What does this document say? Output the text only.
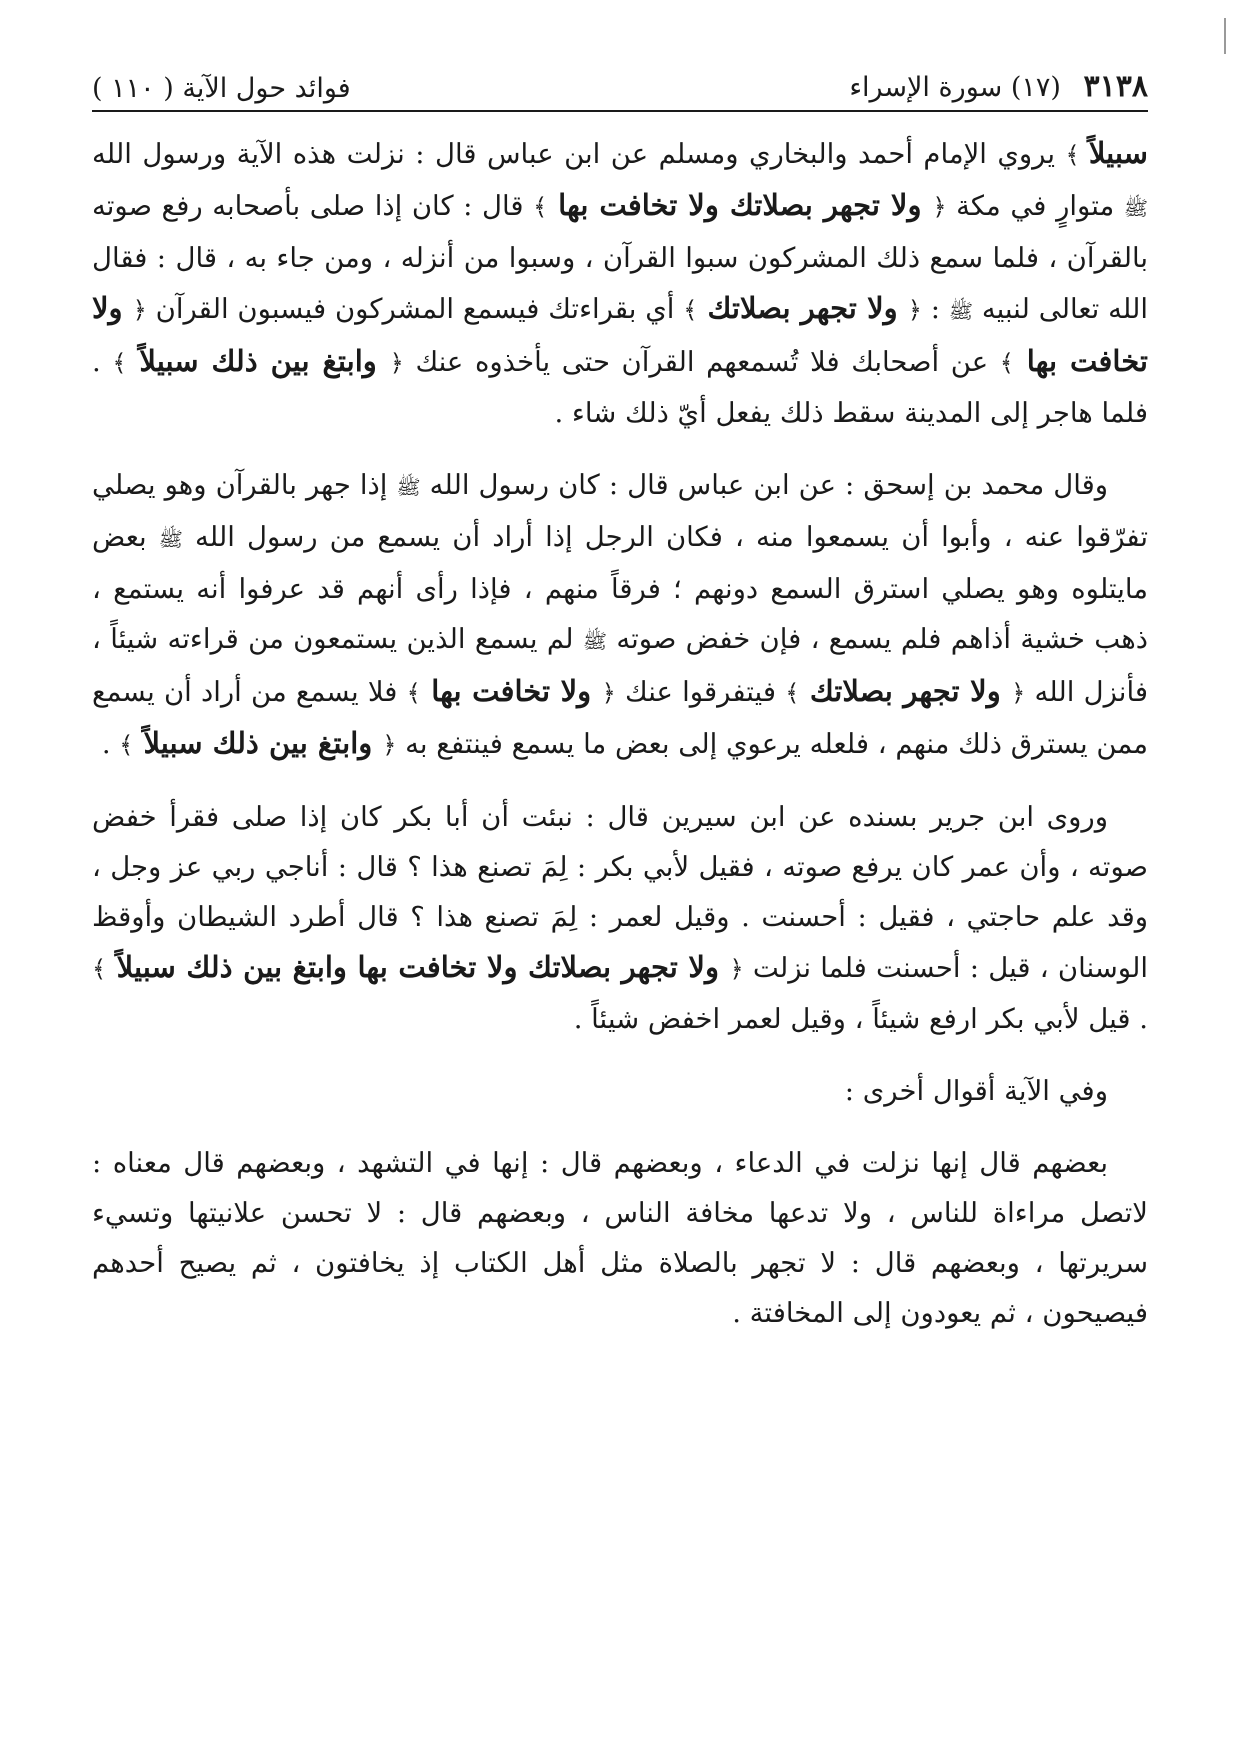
٣١٣٨ (١٧) سورة الإسراء
فوائد حول الآية ( ١١٠ )

سبيلاً ﴾ يروي الإمام أحمد والبخاري ومسلم عن ابن عباس قال : نزلت هذه الآية ورسول الله ﷺ متوارٍ في مكة ﴿ ولا تجهر بصلاتك ولا تخافت بها ﴾ قال : كان إذا صلى بأصحابه رفع صوته بالقرآن ، فلما سمع ذلك المشركون سبوا القرآن ، وسبوا من أنزله ، ومن جاء به ، قال : فقال الله تعالى لنبيه ﷺ : ﴿ ولا تجهر بصلاتك ﴾ أي بقراءتك فيسمع المشركون فيسبون القرآن ﴿ ولا تخافت بها ﴾ عن أصحابك فلا تُسمعهم القرآن حتى يأخذوه عنك ﴿ وابتغ بين ذلك سبيلاً ﴾ . فلما هاجر إلى المدينة سقط ذلك يفعل أيّ ذلك شاء .

وقال محمد بن إسحق : عن ابن عباس قال : كان رسول الله ﷺ إذا جهر بالقرآن وهو يصلي تفرّقوا عنه ، وأبوا أن يسمعوا منه ، فكان الرجل إذا أراد أن يسمع من رسول الله ﷺ بعض مايتلوه وهو يصلي استرق السمع دونهم ؛ فرقاً منهم ، فإذا رأى أنهم قد عرفوا أنه يستمع ، ذهب خشية أذاهم فلم يسمع ، فإن خفض صوته ﷺ لم يسمع الذين يستمعون من قراءته شيئاً ، فأنزل الله ﴿ ولا تجهر بصلاتك ﴾ فيتفرقوا عنك ﴿ ولا تخافت بها ﴾ فلا يسمع من أراد أن يسمع ممن يسترق ذلك منهم ، فلعله يرعوي إلى بعض ما يسمع فينتفع به ﴿ وابتغ بين ذلك سبيلاً ﴾ .

وروى ابن جرير بسنده عن ابن سيرين قال : نبئت أن أبا بكر كان إذا صلى فقرأ خفض صوته ، وأن عمر كان يرفع صوته ، فقيل لأبي بكر : لِمَ تصنع هذا ؟ قال : أناجي ربي عز وجل ، وقد علم حاجتي ، فقيل : أحسنت . وقيل لعمر : لِمَ تصنع هذا ؟ قال أطرد الشيطان وأوقظ الوسنان ، قيل : أحسنت فلما نزلت ﴿ ولا تجهر بصلاتك ولا تخافت بها وابتغ بين ذلك سبيلاً ﴾ . قيل لأبي بكر ارفع شيئاً ، وقيل لعمر اخفض شيئاً .

وفي الآية أقوال أخرى :

بعضهم قال إنها نزلت في الدعاء ، وبعضهم قال : إنها في التشهد ، وبعضهم قال معناه : لاتصل مراءاة للناس ، ولا تدعها مخافة الناس ، وبعضهم قال : لا تحسن علانيتها وتسيء سريرتها ، وبعضهم قال : لا تجهر بالصلاة مثل أهل الكتاب إذ يخافتون ، ثم يصيح أحدهم فيصيحون ، ثم يعودون إلى المخافتة .
